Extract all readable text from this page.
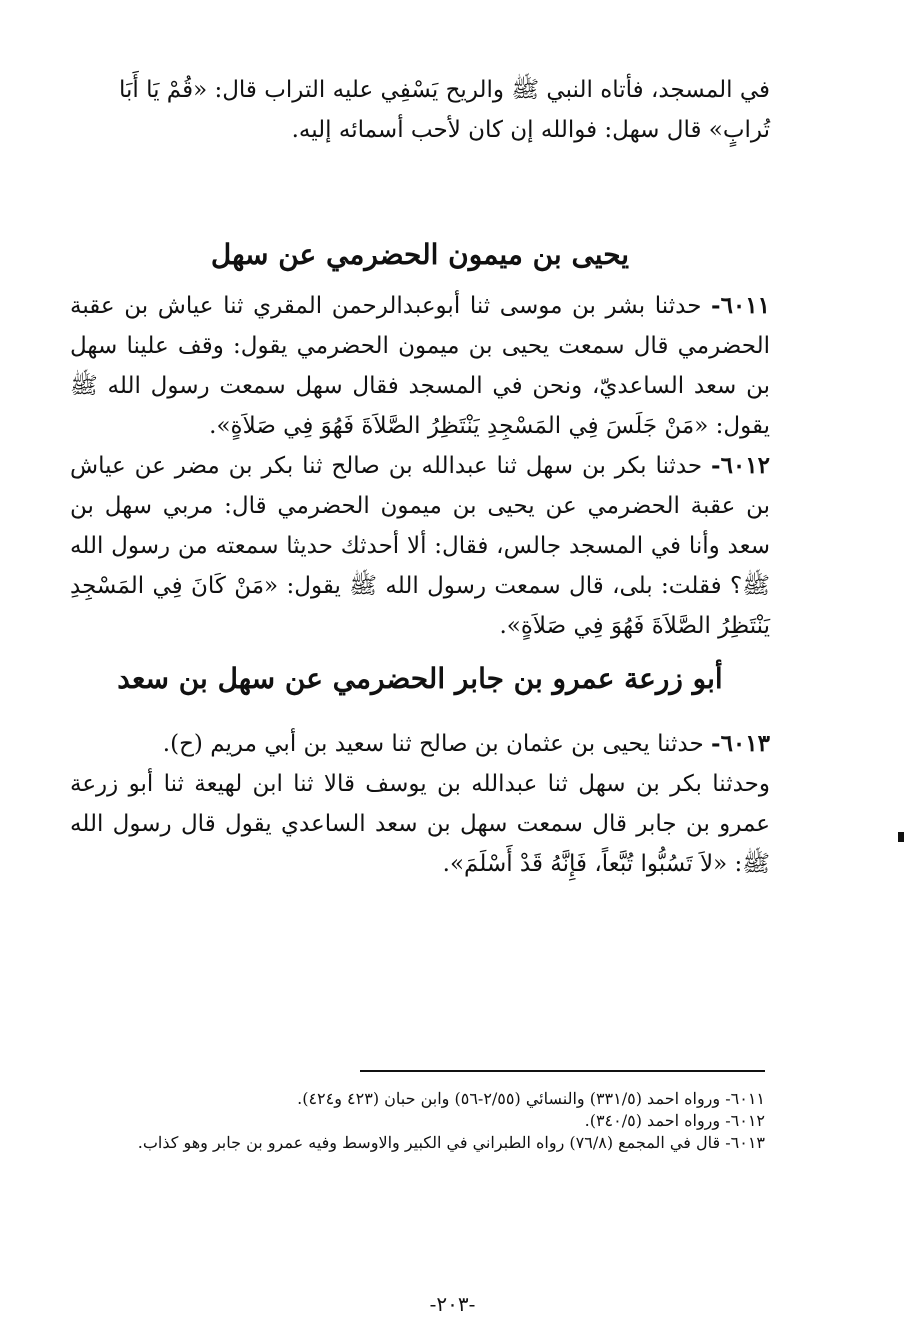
في المسجد، فأتاه النبي ﷺ والريح يَسْفِي عليه التراب قال: «قُمْ يَا أَبَا

تُرابٍ» قال سهل: فوالله إن كان لأحب أسمائه إليه.

يحيى بن ميمون الحضرمي عن سهل

٦٠١١- حدثنا بشر بن موسى ثنا أبوعبدالرحمن المقري ثنا عياش بن عقبة الحضرمي قال سمعت يحيى بن ميمون الحضرمي يقول: وقف علينا سهل بن سعد الساعديّ، ونحن في المسجد فقال سهل سمعت رسول الله ﷺ يقول: «مَنْ جَلَسَ فِي المَسْجِدِ يَنْتَظِرُ الصَّلاَةَ فَهُوَ فِي صَلاَةٍ».

٦٠١٢- حدثنا بكر بن سهل ثنا عبدالله بن صالح ثنا بكر بن مضر عن عياش بن عقبة الحضرمي عن يحيى بن ميمون الحضرمي قال: مربي سهل بن سعد وأنا في المسجد جالس، فقال: ألا أحدثك حديثا سمعته من رسول الله ﷺ؟ فقلت: بلى، قال سمعت رسول الله ﷺ يقول: «مَنْ كَانَ فِي المَسْجِدِ يَنْتَظِرُ الصَّلاَةَ فَهُوَ فِي صَلاَةٍ».

أبو زرعة عمرو بن جابر الحضرمي عن سهل بن سعد

٦٠١٣- حدثنا يحيى بن عثمان بن صالح ثنا سعيد بن أبي مريم (ح).

وحدثنا بكر بن سهل ثنا عبدالله بن يوسف قالا ثنا ابن لهيعة ثنا أبو زرعة عمرو بن جابر قال سمعت سهل بن سعد الساعدي يقول قال رسول الله ﷺ: «لاَ تَسُبُّوا تُبَّعاً، فَإِنَّهُ قَدْ أَسْلَمَ».

٦٠١١- ورواه احمد (٣٣١/٥) والنسائي (٢/٥٥-٥٦) وابن حبان (٤٢٣ و٤٢٤).

٦٠١٢- ورواه احمد (٣٤٠/٥).

٦٠١٣- قال في المجمع (٧٦/٨) رواه الطبراني في الكبير والاوسط وفيه عمرو بن جابر وهو كذاب.

-٢٠٣-
